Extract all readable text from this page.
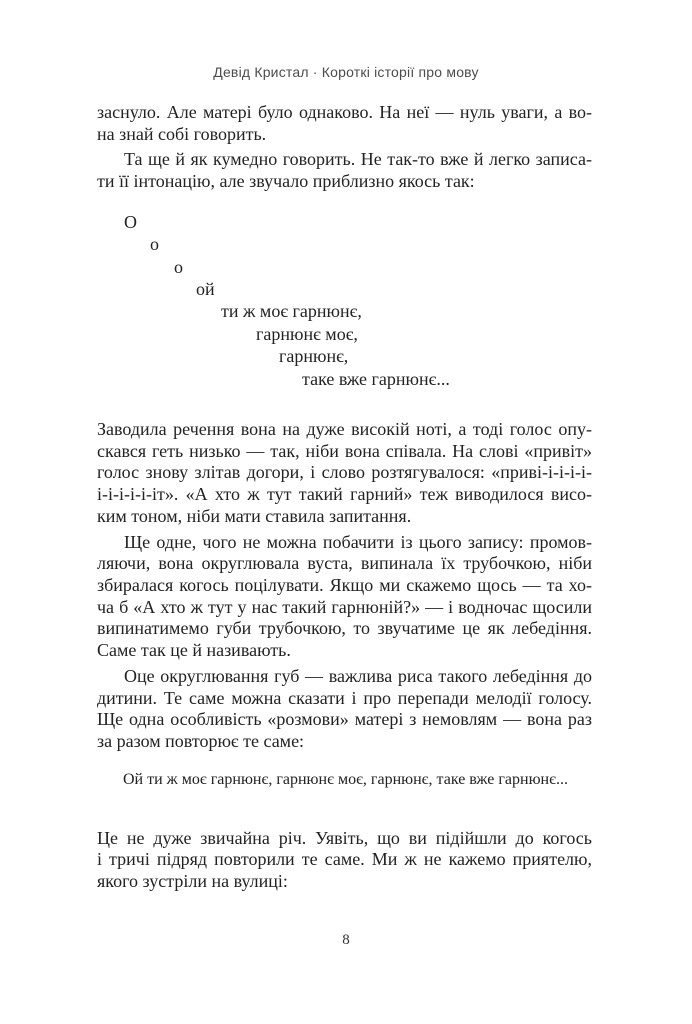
Девід Кристал · Короткі історії про мову
заснуло. Але матері було однаково. На неї — нуль уваги, а во-
на знай собі говорить.
Та ще й як кумедно говорить. Не так-то вже й легко записа-
ти її інтонацію, але звучало приблизно якось так:
О
о
о
ой
ти ж моє гарнюнє,
гарнюнє моє,
гарнюнє,
таке вже гарнюнє...
Заводила речення вона на дуже високій ноті, а тоді голос опу-
скався геть низько — так, ніби вона співала. На слові «привіт»
голос знову злітав догори, і слово розтягувалося: «приві-і-і-і-і-
і-і-і-і-і-іт». «А хто ж тут такий гарний» теж виводилося висо-
ким тоном, ніби мати ставила запитання.
Ще одне, чого не можна побачити із цього запису: промов-
ляючи, вона округлювала вуста, випинала їх трубочкою, ніби
збиралася когось поцілувати. Якщо ми скажемо щось — та хо-
ча б «А хто ж тут у нас такий гарнюній?» — і водночас щосили
випинатимемо губи трубочкою, то звучатиме це як лебедіння.
Саме так це й називають.
Оце округлювання губ — важлива риса такого лебедіння до
дитини. Те саме можна сказати і про перепади мелодії голосу.
Ще одна особливість «розмови» матері з немовлям — вона раз
за разом повторює те саме:
Ой ти ж моє гарнюнє, гарнюнє моє, гарнюнє, таке вже гарнюнє...
Це не дуже звичайна річ. Уявіть, що ви підійшли до когось
і тричі підряд повторили те саме. Ми ж не кажемо приятелю,
якого зустріли на вулиці:
8
